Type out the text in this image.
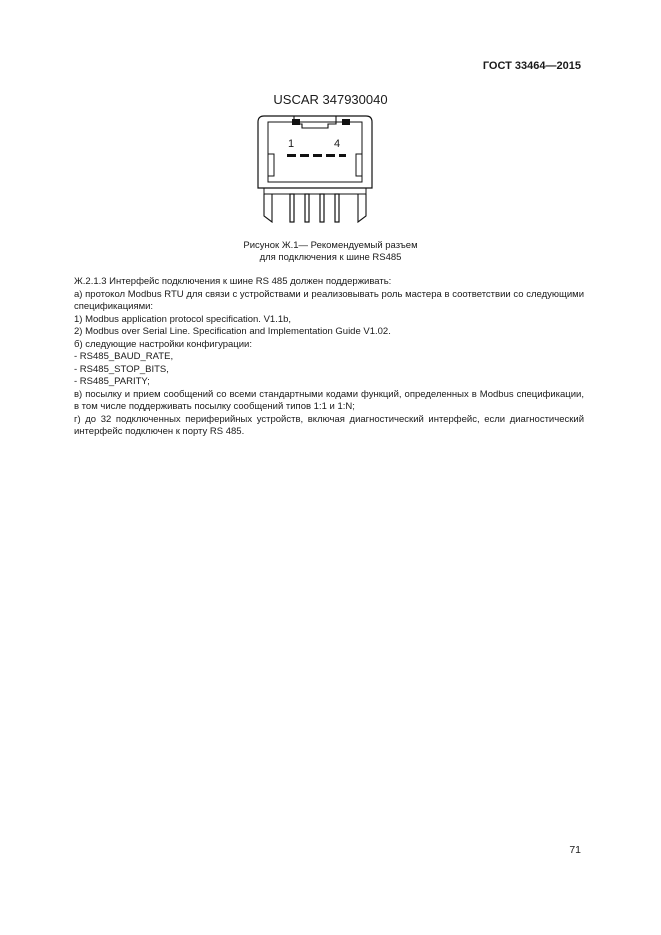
ГОСТ 33464—2015
USCAR 347930040
1	4
Рисунок Ж.1— Рекомендуемый разъем
для подключения к шине RS485

Ж.2.1.3 Интерфейс подключения к шине RS 485 должен поддерживать:

а) протокол Modbus RTU для связи с устройствами и реализовывать роль мастера в соответствии со следующими спецификациями:

1) Modbus application protocol specification. V1.1b,

2) Modbus over Serial Line. Specification and Implementation Guide V1.02.

б) следующие настройки конфигурации:

- RS485_BAUD_RATE,

- RS485_STOP_BITS,

- RS485_PARITY;

в) посылку и прием сообщений со всеми стандартными кодами функций, определенных в Modbus спецификации, в том числе поддерживать посылку сообщений типов 1:1 и 1:N;

г) до 32 подключенных периферийных устройств, включая диагностический интерфейс, если диагностический интерфейс подключен к порту RS 485.

71
